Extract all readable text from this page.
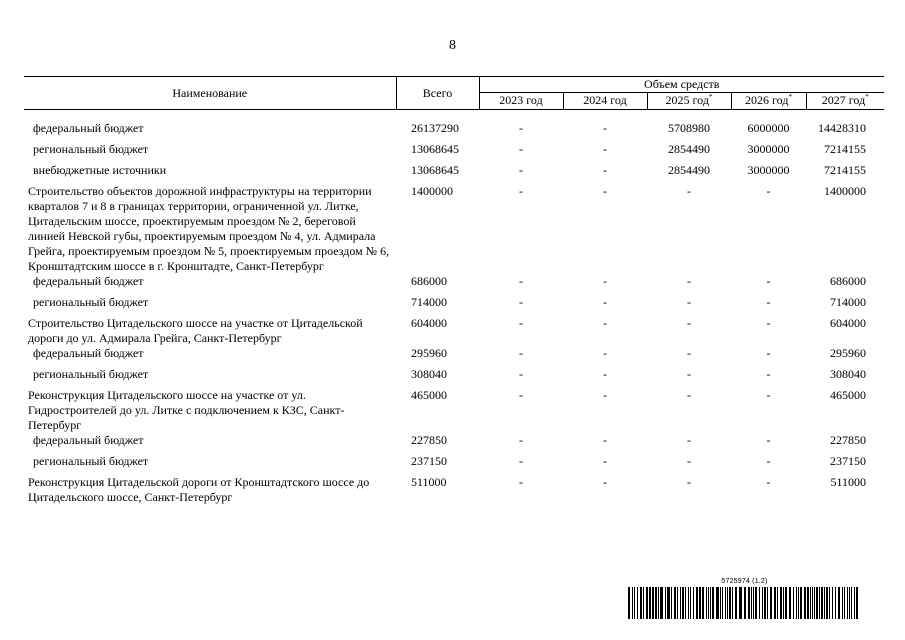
8
Наименование	Всего	Объем средств				
		2023 год	2024 год	2025 год*	2026 год*	2027 год*

федеральный бюджет	26137290	-	-	5708980	6000000	14428310
региональный бюджет	13068645	-	-	2854490	3000000	7214155
внебюджетные источники	13068645	-	-	2854490	3000000	7214155
Строительство объектов дорожной инфраструктуры на территории кварталов 7 и 8 в границах территории, ограниченной ул. Литке, Цитадельским шоссе, проектируемым проездом № 2, береговой линией Невской губы, проектируемым проездом № 4, ул. Адмирала Грейга, проектируемым проездом № 5, проектируемым проездом № 6, Кронштадтским шоссе в г. Кронштадте, Санкт-Петербург	1400000	-	-	-	-	1400000
федеральный бюджет	686000	-	-	-	-	686000
региональный бюджет	714000	-	-	-	-	714000
Строительство Цитадельского шоссе на участке от Цитадельской дороги до ул. Адмирала Грейга, Санкт-Петербург	604000	-	-	-	-	604000
федеральный бюджет	295960	-	-	-	-	295960
региональный бюджет	308040	-	-	-	-	308040
Реконструкция Цитадельского шоссе на участке от ул. Гидростроителей до ул. Литке с подключением к КЗС, Санкт-Петербург	465000	-	-	-	-	465000
федеральный бюджет	227850	-	-	-	-	227850
региональный бюджет	237150	-	-	-	-	237150
Реконструкция Цитадельской дороги от Кронштадтского шоссе до Цитадельского шоссе, Санкт-Петербург	511000	-	-	-	-	511000
5725974 (1.2)
